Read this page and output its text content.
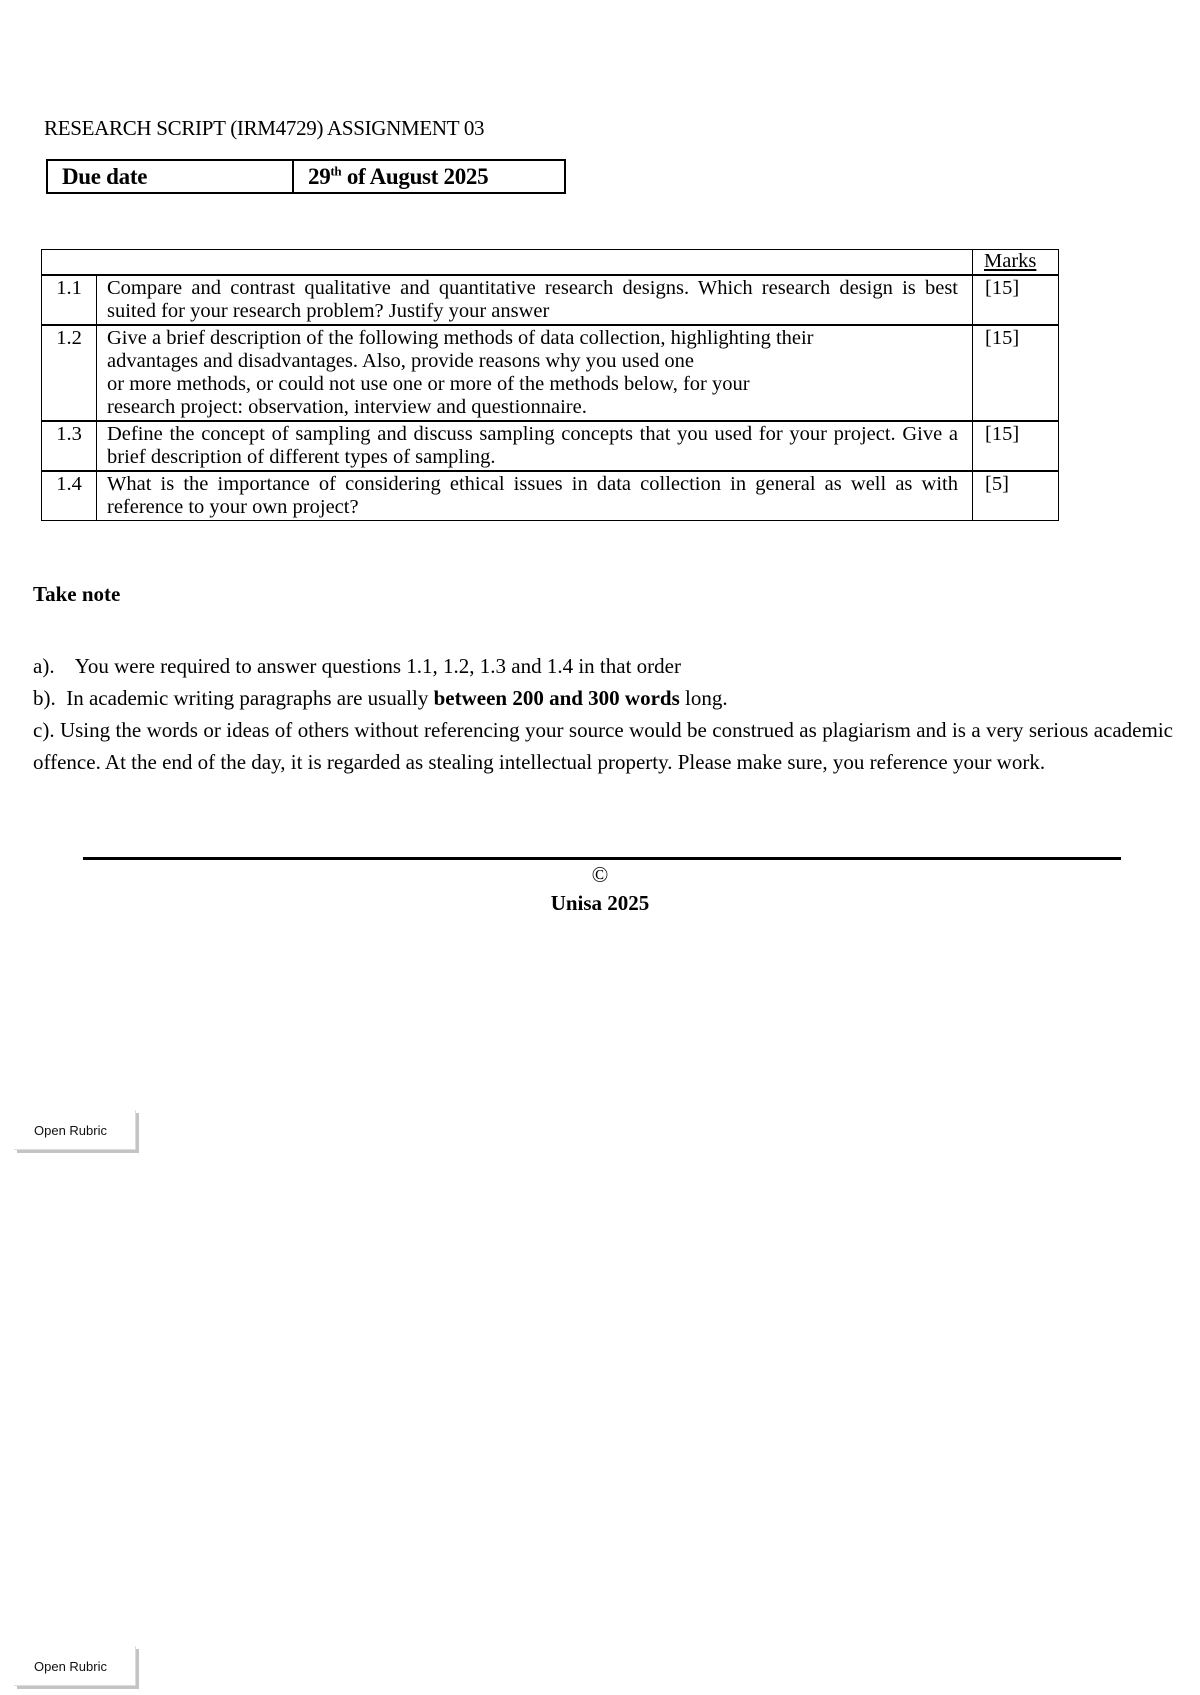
RESEARCH SCRIPT (IRM4729) ASSIGNMENT 03
Due date	29th of August 2025
		Marks
1.1	Compare and contrast qualitative and quantitative research designs. Which research design is best suited for your research problem? Justify your answer	[15]
1.2	Give a brief description of the following methods of data collection, highlighting their
advantages and disadvantages. Also, provide reasons why you used one
or more methods, or could not use one or more of the methods below, for your
research project: observation, interview and questionnaire.	[15]
1.3	Define the concept of sampling and discuss sampling concepts that you used for your project. Give a brief description of different types of sampling.	[15]
1.4	What is the importance of considering ethical issues in data collection in general as well as with reference to your own project?	[5]
Take note
a).    You were required to answer questions 1.1, 1.2, 1.3 and 1.4 in that order
b).  In academic writing paragraphs are usually between 200 and 300 words long.
c). Using the words or ideas of others without referencing your source would be construed as plagiarism and is a very serious academic offence. At the end of the day, it is regarded as stealing intellectual property. Please make sure, you reference your work.
©
Unisa 2025
Open Rubric
Open Rubric
